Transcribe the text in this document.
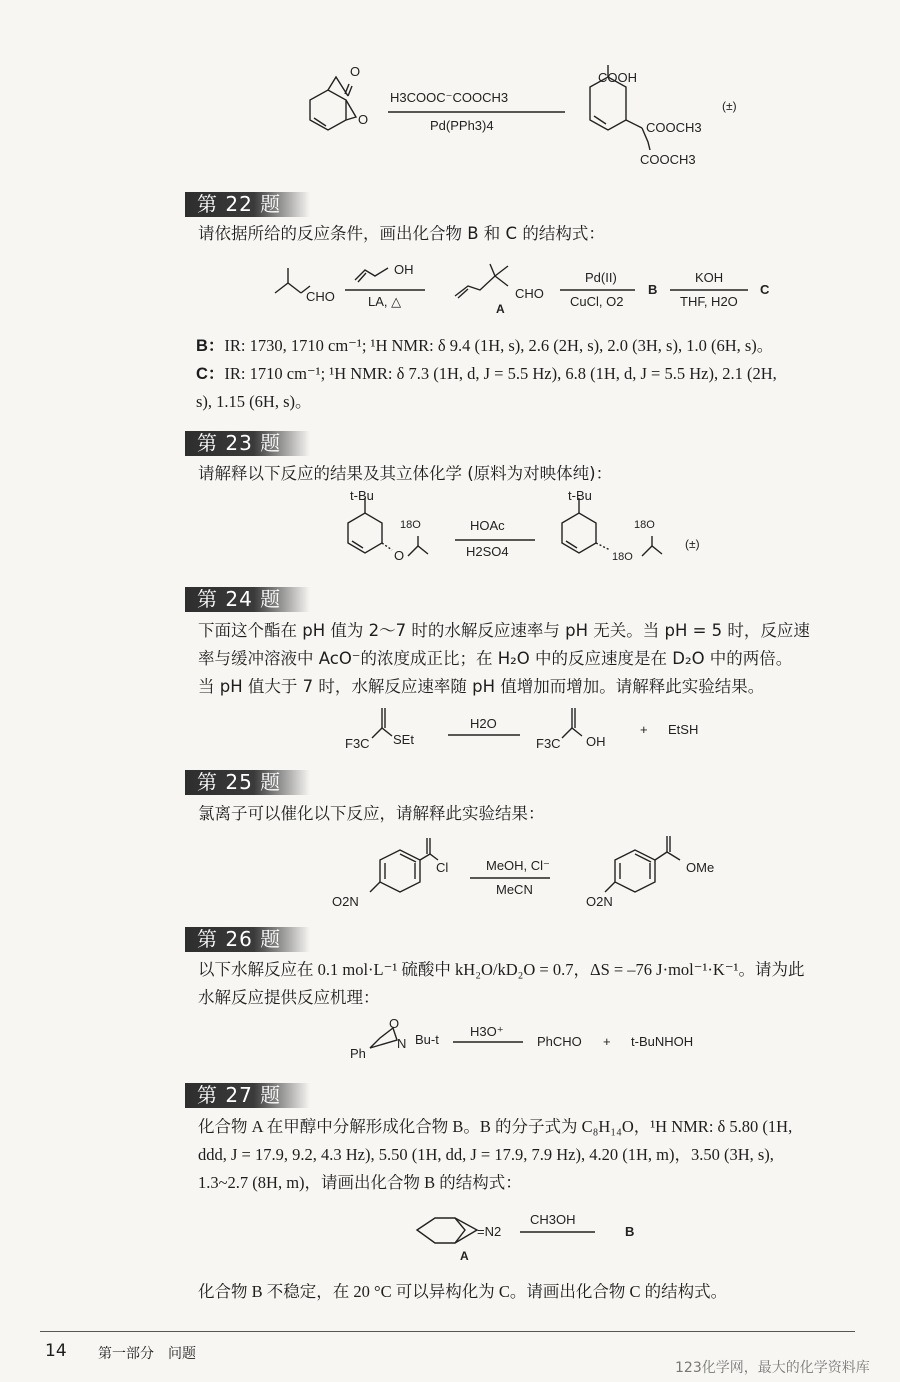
O
O
H3COOC⁻COOCH3
Pd(PPh3)4
COOH
COOCH3
COOCH3
(±)
第 22 题
请依据所给的反应条件，画出化合物 B 和 C 的结构式：
CHO
OH
LA, △	A
CHO
Pd(II)
CuCl, O2
B
KOH
THF, H2O
C
B：IR: 1730, 1710 cm⁻¹; ¹H NMR: δ 9.4 (1H, s), 2.6 (2H, s), 2.0 (3H, s), 1.0 (6H, s)。
C：IR: 1710 cm⁻¹; ¹H NMR: δ 7.3 (1H, d, J = 5.5 Hz), 6.8 (1H, d, J = 5.5 Hz), 2.1 (2H,
s), 1.15 (6H, s)。
第 23 题
请解释以下反应的结果及其立体化学 (原料为对映体纯)：
t-Bu
18O
O
HOAc
H2SO4
t-Bu
18O
18O
(±)
第 24 题
下面这个酯在 pH 值为 2～7 时的水解反应速率与 pH 无关。当 pH = 5 时，反应速
率与缓冲溶液中 AcO⁻的浓度成正比；在 H₂O 中的反应速度是在 D₂O 中的两倍。
当 pH 值大于 7 时，水解反应速率随 pH 值增加而增加。请解释此实验结果。
F3C SEt
H2O
F3C OH
+ EtSH
第 25 题
氯离子可以催化以下反应，请解释此实验结果：
Cl
O2N
MeOH, Cl⁻
MeCN
OMe
O2N
第 26 题
以下水解反应在 0.1 mol·L⁻¹ 硫酸中 kH₂O/kD₂O = 0.7，ΔS = –76 J·mol⁻¹·K⁻¹。请为此
水解反应提供反应机理：
Ph
O
N Bu-t
H3O⁺
PhCHO + t-BuNHOH
第 27 题
化合物 A 在甲醇中分解形成化合物 B。B 的分子式为 C₈H₁₄O，¹H NMR: δ 5.80 (1H,
ddd, J = 17.9, 9.2, 4.3 Hz), 5.50 (1H, dd, J = 17.9, 7.9 Hz), 4.20 (1H, m)，3.50 (3H, s),
1.3~2.7 (8H, m)，请画出化合物 B 的结构式：
=N2
A
CH3OH
B
化合物 B 不稳定，在 20 °C 可以异构化为 C。请画出化合物 C 的结构式。
14 第一部分　问题
123化学网，最大的化学资料库
